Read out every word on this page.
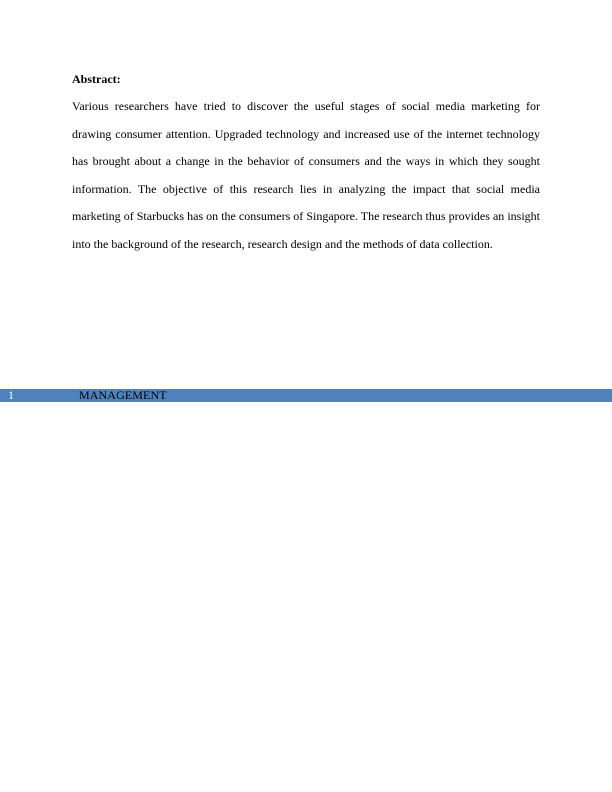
Abstract:

Various researchers have tried to discover the useful stages of social media marketing for drawing consumer attention. Upgraded technology and increased use of the internet technology has brought about a change in the behavior of consumers and the ways in which they sought information. The objective of this research lies in analyzing the impact that social media marketing of Starbucks has on the consumers of Singapore. The research thus provides an insight into the background of the research, research design and the methods of data collection.

1	MANAGEMENT
